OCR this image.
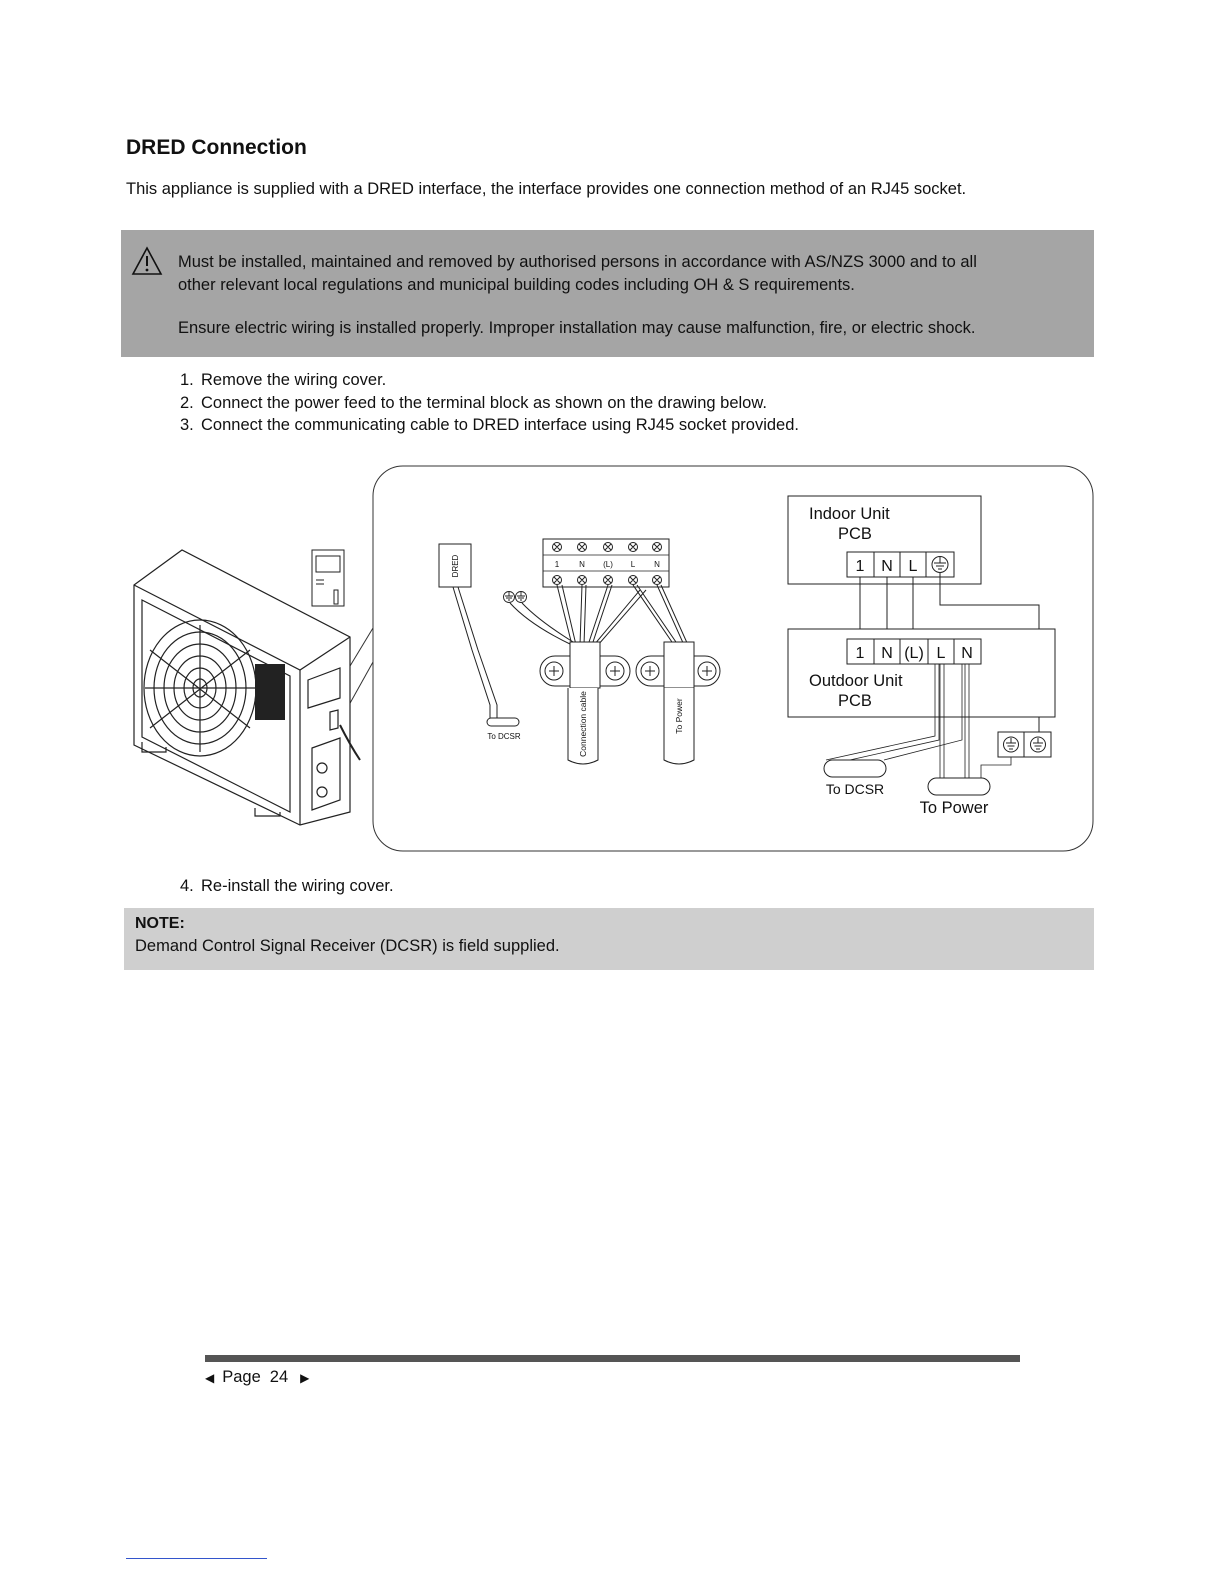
DRED Connection

This appliance is supplied with a DRED interface, the interface provides one connection method of an RJ45 socket.

Must be installed, maintained and removed by authorised persons in accordance with AS/NZS 3000 and to all
other relevant local regulations and municipal building codes including OH & S requirements.

Ensure electric wiring is installed properly. Improper installation may cause malfunction, fire, or electric shock.

1. Remove the wiring cover.
2. Connect the power feed to the terminal block as shown on the drawing below.
3. Connect the communicating cable to DRED interface using RJ45 socket provided.
DRED
To DCSR
1 N (L) L N
Connection cable	To Power
Indoor Unit
PCB
1 N L
Outdoor Unit
PCB
1 N (L) L N
To DCSR
To Power

4. Re-install the wiring cover.

NOTE:

Demand Control Signal Receiver (DCSR) is field supplied.

◀ Page 24 ▶
